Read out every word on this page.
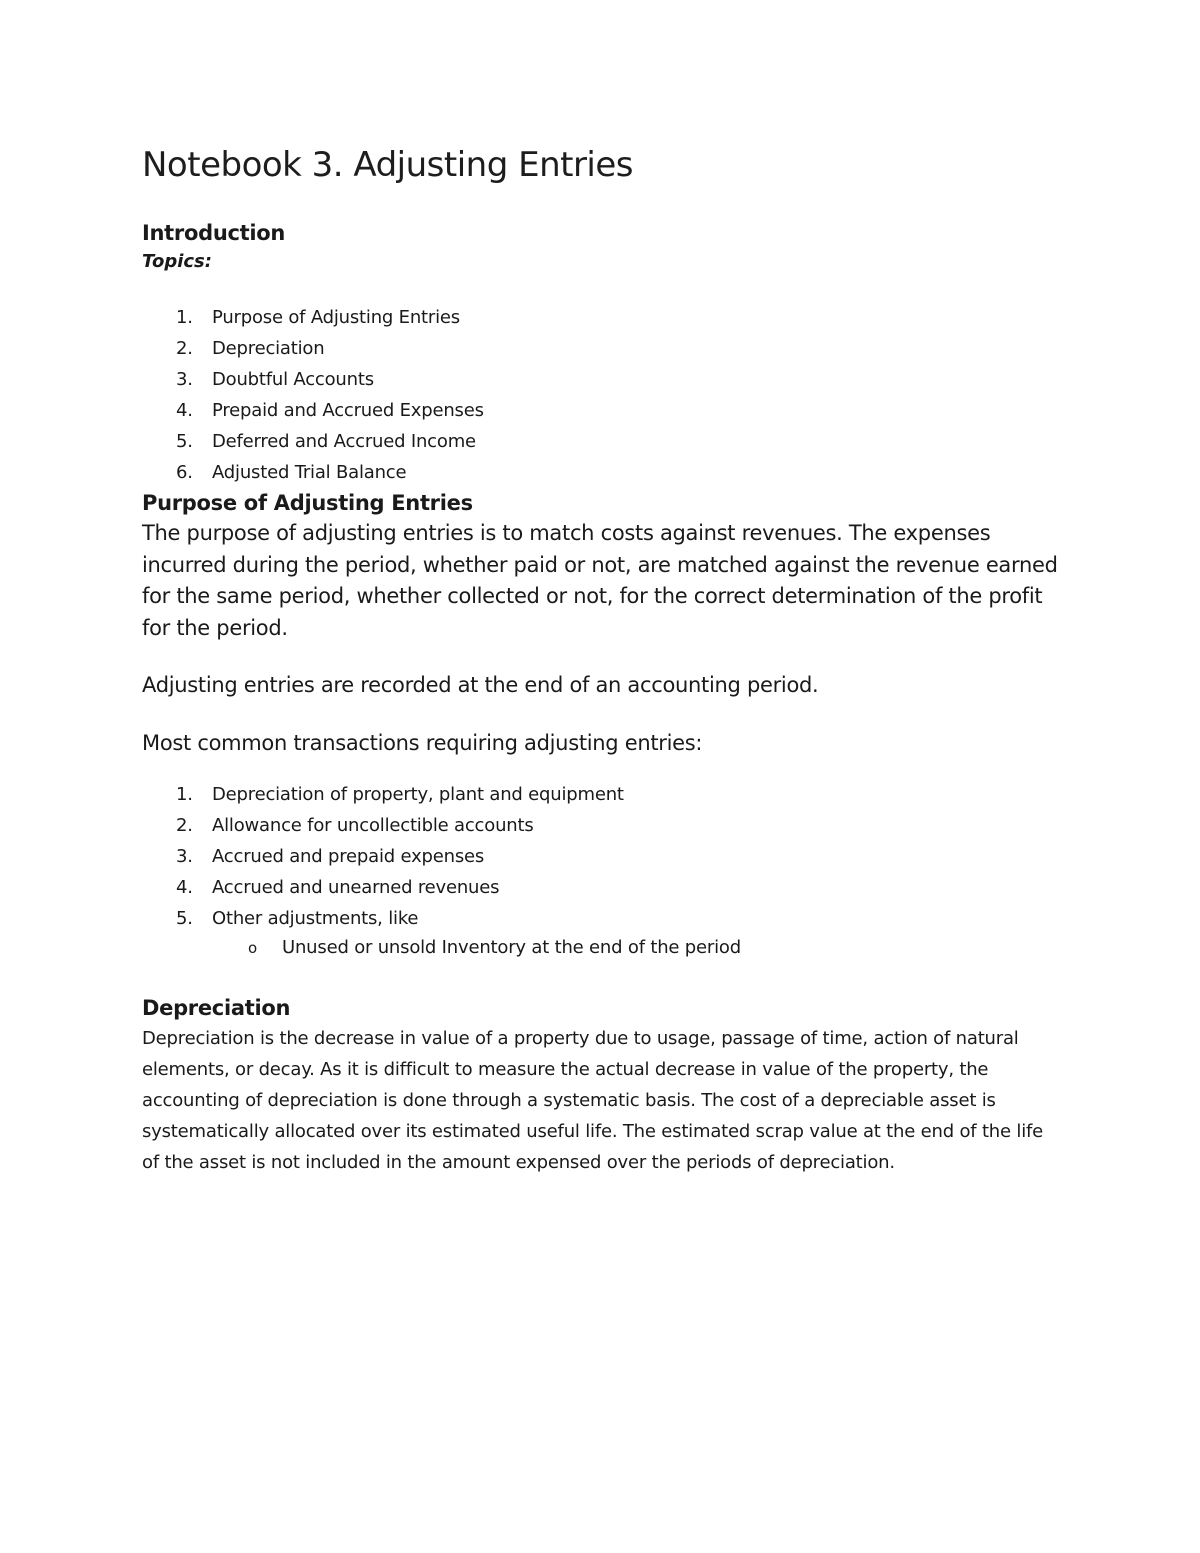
Notebook 3. Adjusting Entries
Introduction
Topics:
1. Purpose of Adjusting Entries
2. Depreciation
3. Doubtful Accounts
4. Prepaid and Accrued Expenses
5. Deferred and Accrued Income
6. Adjusted Trial Balance
Purpose of Adjusting Entries

The purpose of adjusting entries is to match costs against revenues. The expenses incurred during the period, whether paid or not, are matched against the revenue earned for the same period, whether collected or not, for the correct determination of the profit for the period.

Adjusting entries are recorded at the end of an accounting period.

Most common transactions requiring adjusting entries:

1. Depreciation of property, plant and equipment
2. Allowance for uncollectible accounts
3. Accrued and prepaid expenses
4. Accrued and unearned revenues
5. Other adjustments, like
o Unused or unsold Inventory at the end of the period
Depreciation

Depreciation is the decrease in value of a property due to usage, passage of time, action of natural elements, or decay. As it is difficult to measure the actual decrease in value of the property, the accounting of depreciation is done through a systematic basis. The cost of a depreciable asset is systematically allocated over its estimated useful life. The estimated scrap value at the end of the life of the asset is not included in the amount expensed over the periods of depreciation.
